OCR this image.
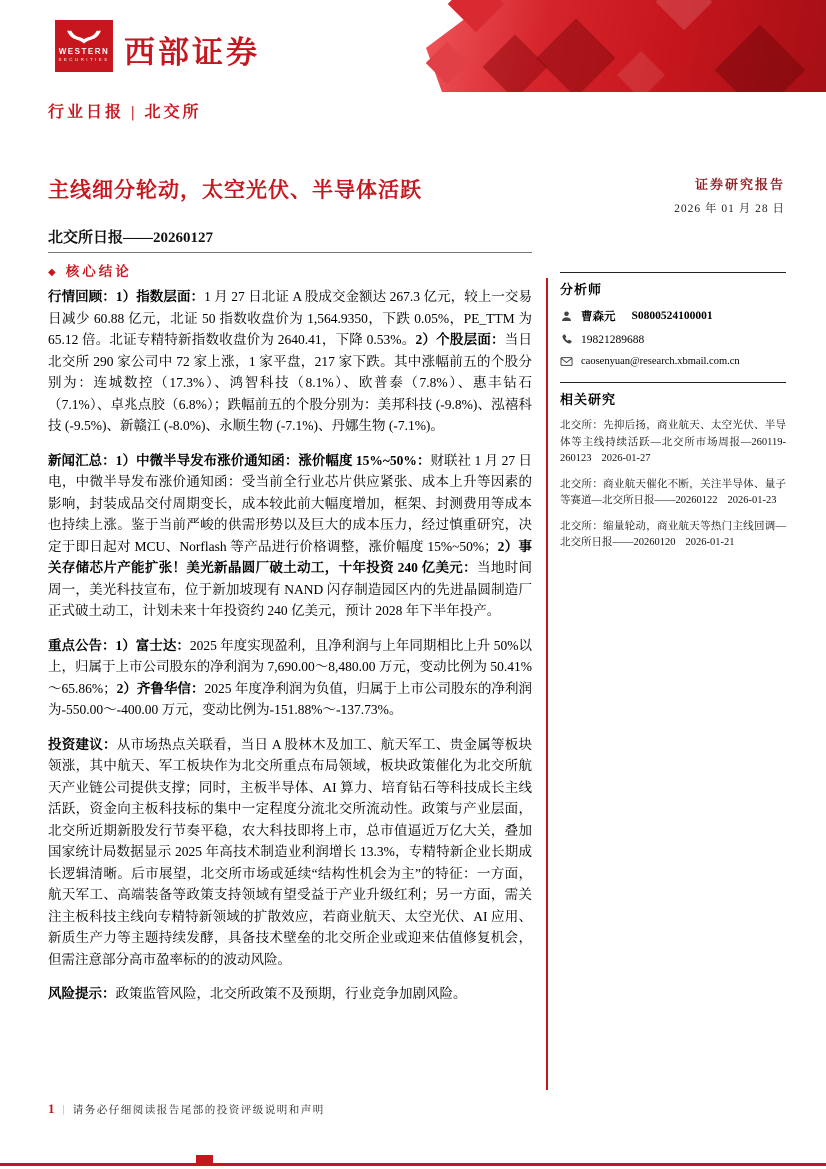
WESTERN
SECURITIES 西部证券
行业日报 | 北交所
主线细分轮动，太空光伏、半导体活跃	证券研究报告
2026 年 01 月 28 日
北交所日报——20260127
◆ 核心结论

行情回顾：1）指数层面：1 月 27 日北证 A 股成交金额达 267.3 亿元，较上一交易日减少 60.88 亿元，北证 50 指数收盘价为 1,564.9350，下跌 0.05%，PE_TTM 为 65.12 倍。北证专精特新指数收盘价为 2640.41，下降 0.53%。2）个股层面：当日北交所 290 家公司中 72 家上涨，1 家平盘，217 家下跌。其中涨幅前五的个股分别为：连城数控（17.3%）、鸿智科技（8.1%）、欧普泰（7.8%）、惠丰钻石（7.1%）、卓兆点胶（6.8%）；跌幅前五的个股分别为：美邦科技 (-9.8%)、泓禧科技 (-9.5%)、新赣江 (-8.0%)、永顺生物 (-7.1%)、丹娜生物 (-7.1%)。

新闻汇总：1）中微半导发布涨价通知函：涨价幅度 15%~50%：财联社 1 月 27 日电，中微半导发布涨价通知函：受当前全行业芯片供应紧张、成本上升等因素的影响，封装成品交付周期变长，成本较此前大幅度增加，框架、封测费用等成本也持续上涨。鉴于当前严峻的供需形势以及巨大的成本压力，经过慎重研究，决定于即日起对 MCU、Norflash 等产品进行价格调整，涨价幅度 15%~50%；2）事关存储芯片产能扩张！美光新晶圆厂破土动工，十年投资 240 亿美元：当地时间周一，美光科技宣布，位于新加坡现有 NAND 闪存制造园区内的先进晶圆制造厂正式破土动工，计划未来十年投资约 240 亿美元，预计 2028 年下半年投产。

重点公告：1）富士达：2025 年度实现盈利，且净利润与上年同期相比上升 50%以上，归属于上市公司股东的净利润为 7,690.00～8,480.00 万元，变动比例为 50.41%～65.86%；2）齐鲁华信：2025 年度净利润为负值，归属于上市公司股东的净利润为-550.00～-400.00 万元，变动比例为-151.88%～-137.73%。

投资建议：从市场热点关联看，当日 A 股林木及加工、航天军工、贵金属等板块领涨，其中航天、军工板块作为北交所重点布局领域，板块政策催化为北交所航天产业链公司提供支撑；同时，主板半导体、AI 算力、培育钻石等科技成长主线活跃，资金向主板科技标的集中一定程度分流北交所流动性。政策与产业层面，北交所近期新股发行节奏平稳，农大科技即将上市，总市值逼近万亿大关，叠加国家统计局数据显示 2025 年高技术制造业利润增长 13.3%，专精特新企业长期成长逻辑清晰。后市展望，北交所市场或延续“结构性机会为主”的特征：一方面，航天军工、高端装备等政策支持领域有望受益于产业升级红利；另一方面，需关注主板科技主线向专精特新领域的扩散效应，若商业航天、太空光伏、AI 应用、新质生产力等主题持续发酵，具备技术壁垒的北交所企业或迎来估值修复机会，但需注意部分高市盈率标的的波动风险。

风险提示：政策监管风险，北交所政策不及预期，行业竞争加剧风险。

分析师
曹森元 S0800524100001
19821289688
caosenyuan@research.xbmail.com.cn
相关研究
北交所：先抑后扬，商业航天、太空光伏、半导体等主线持续活跃—北交所市场周报—260119-260123 2026-01-27
北交所：商业航天催化不断，关注半导体、量子等赛道—北交所日报——20260122 2026-01-23
北交所：缩量轮动，商业航天等热门主线回调—北交所日报——20260120 2026-01-21
1 | 请务必仔细阅读报告尾部的投资评级说明和声明
